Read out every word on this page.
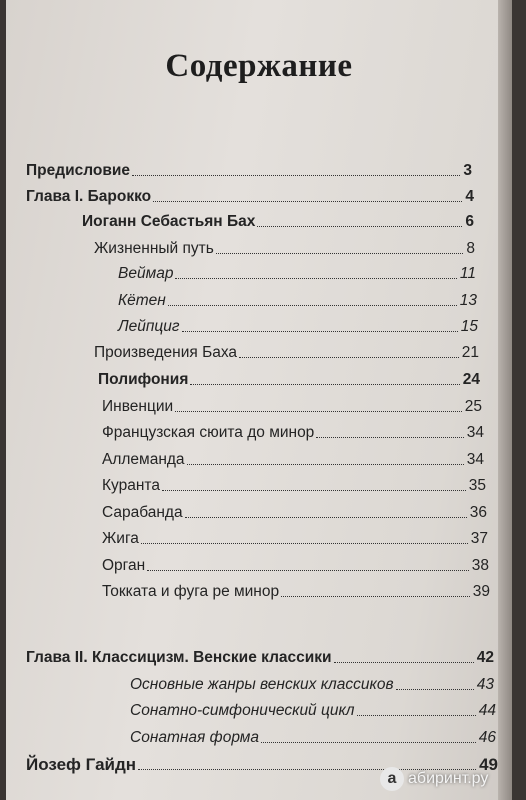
Содержание
Предисловие	3
Глава I. Барокко	4
Иоганн Себастьян Бах	6
Жизненный путь	8
Веймар	11
Кётен	13
Лейпциг	15
Произведения Баха	21
Полифония	24
Инвенции	25
Французская сюита до минор	34
Аллеманда	34
Куранта	35
Сарабанда	36
Жига	37
Орган	38
Токката и фуга ре минор	39
Глава II. Классицизм. Венские классики	42
Основные жанры венских классиков	43
Сонатно-симфонический цикл	44
Сонатная форма	46
Йозеф Гайдн	49
a абиринт.ру
